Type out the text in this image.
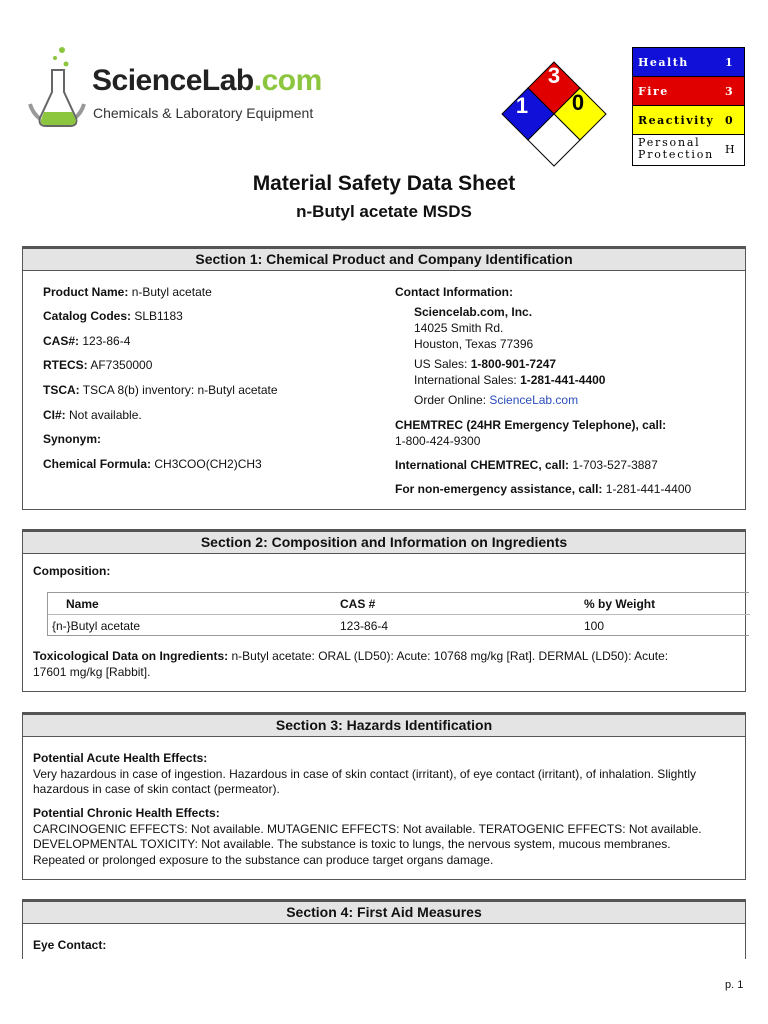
ScienceLab.com
Chemicals & Laboratory Equipment
3
1	0
Health	1
Fire	3
Reactivity 0
Personal
Protection H
Material Safety Data Sheet
n-Butyl acetate MSDS
Section 1: Chemical Product and Company Identification
Product Name: n-Butyl acetate
Catalog Codes: SLB1183
CAS#: 123-86-4
RTECS: AF7350000
TSCA: TSCA 8(b) inventory: n-Butyl acetate
CI#: Not available.
Synonym:
Chemical Formula: CH3COO(CH2)CH3
Contact Information:
Sciencelab.com, Inc.
14025 Smith Rd.
Houston, Texas 77396
US Sales: 1-800-901-7247
International Sales: 1-281-441-4400
Order Online: ScienceLab.com
CHEMTREC (24HR Emergency Telephone), call:
1-800-424-9300
International CHEMTREC, call: 1-703-527-3887
For non-emergency assistance, call: 1-281-441-4400
Section 2: Composition and Information on Ingredients
Composition:
Name	CAS #	% by Weight
{n-}Butyl acetate	123-86-4	100
Toxicological Data on Ingredients: n-Butyl acetate: ORAL (LD50): Acute: 10768 mg/kg [Rat]. DERMAL (LD50): Acute:
17601 mg/kg [Rabbit].
Section 3: Hazards Identification
Potential Acute Health Effects:
Very hazardous in case of ingestion. Hazardous in case of skin contact (irritant), of eye contact (irritant), of inhalation. Slightly
hazardous in case of skin contact (permeator).
Potential Chronic Health Effects:
CARCINOGENIC EFFECTS: Not available. MUTAGENIC EFFECTS: Not available. TERATOGENIC EFFECTS: Not available.
DEVELOPMENTAL TOXICITY: Not available. The substance is toxic to lungs, the nervous system, mucous membranes.
Repeated or prolonged exposure to the substance can produce target organs damage.
Section 4: First Aid Measures
Eye Contact:
p. 1
